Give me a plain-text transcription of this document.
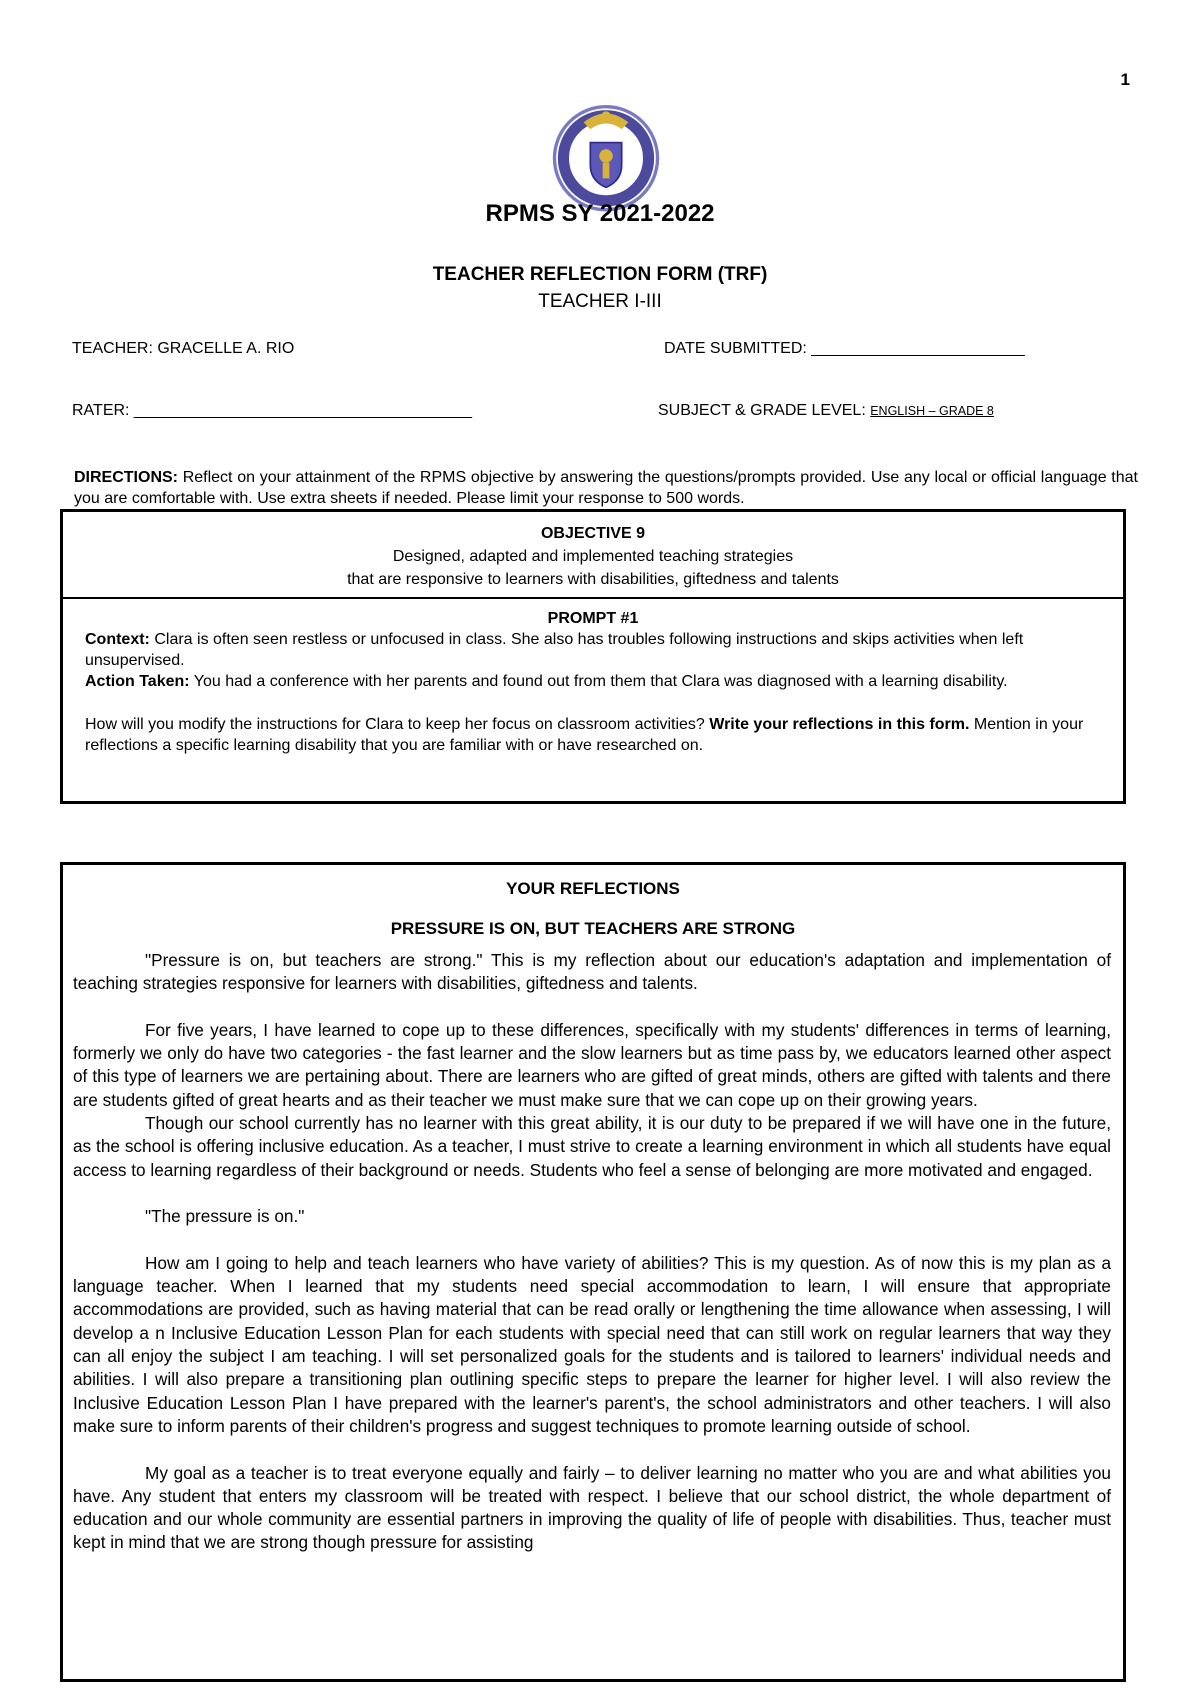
1
RPMS SY 2021-2022
TEACHER REFLECTION FORM (TRF)
TEACHER I-III
TEACHER: GRACELLE A. RIO	DATE SUBMITTED: ________________________
RATER: ______________________________________	SUBJECT & GRADE LEVEL: ENGLISH – GRADE 8
DIRECTIONS: Reflect on your attainment of the RPMS objective by answering the questions/prompts provided. Use any local or official language that you are comfortable with. Use extra sheets if needed. Please limit your response to 500 words.
OBJECTIVE 9
Designed, adapted and implemented teaching strategies
that are responsive to learners with disabilities, giftedness and talents
PROMPT #1
Context: Clara is often seen restless or unfocused in class. She also has troubles following instructions and skips activities when left unsupervised.
Action Taken: You had a conference with her parents and found out from them that Clara was diagnosed with a learning disability.
How will you modify the instructions for Clara to keep her focus on classroom activities? Write your reflections in this form. Mention in your reflections a specific learning disability that you are familiar with or have researched on.
YOUR REFLECTIONS
PRESSURE IS ON, BUT TEACHERS ARE STRONG

"Pressure is on, but teachers are strong." This is my reflection about our education's adaptation and implementation of teaching strategies responsive for learners with disabilities, giftedness and talents.

For five years, I have learned to cope up to these differences, specifically with my students' differences in terms of learning, formerly we only do have two categories - the fast learner and the slow learners but as time pass by, we educators learned other aspect of this type of learners we are pertaining about. There are learners who are gifted of great minds, others are gifted with talents and there are students gifted of great hearts and as their teacher we must make sure that we can cope up on their growing years.

Though our school currently has no learner with this great ability, it is our duty to be prepared if we will have one in the future, as the school is offering inclusive education. As a teacher, I must strive to create a learning environment in which all students have equal access to learning regardless of their background or needs. Students who feel a sense of belonging are more motivated and engaged.

"The pressure is on."

How am I going to help and teach learners who have variety of abilities? This is my question. As of now this is my plan as a language teacher. When I learned that my students need special accommodation to learn, I will ensure that appropriate accommodations are provided, such as having material that can be read orally or lengthening the time allowance when assessing, I will develop a n Inclusive Education Lesson Plan for each students with special need that can still work on regular learners that way they can all enjoy the subject I am teaching. I will set personalized goals for the students and is tailored to learners' individual needs and abilities. I will also prepare a transitioning plan outlining specific steps to prepare the learner for higher level. I will also review the Inclusive Education Lesson Plan I have prepared with the learner's parent's, the school administrators and other teachers. I will also make sure to inform parents of their children's progress and suggest techniques to promote learning outside of school.

My goal as a teacher is to treat everyone equally and fairly – to deliver learning no matter who you are and what abilities you have. Any student that enters my classroom will be treated with respect. I believe that our school district, the whole department of education and our whole community are essential partners in improving the quality of life of people with disabilities. Thus, teacher must kept in mind that we are strong though pressure for assisting
